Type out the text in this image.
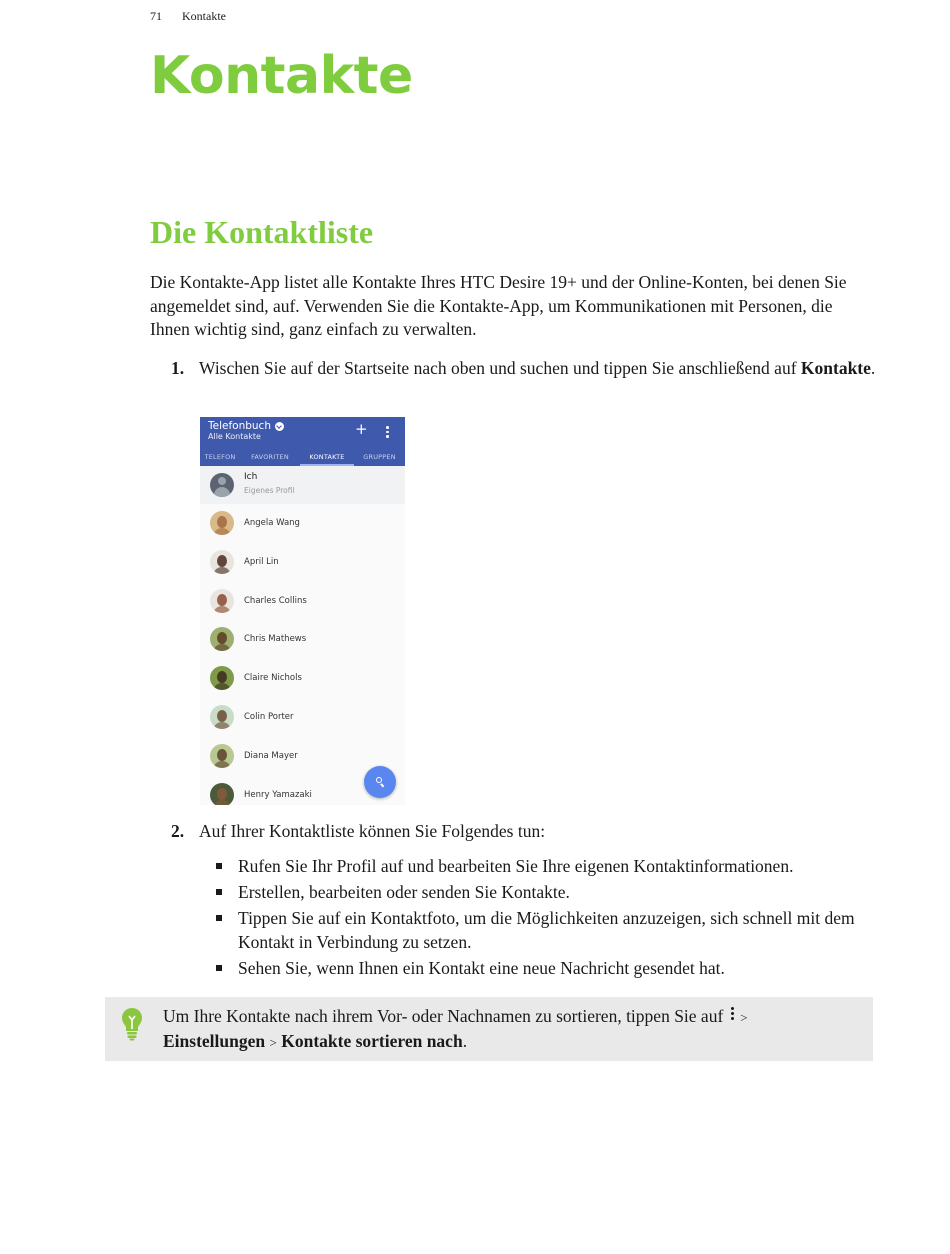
71 Kontakte
Kontakte
Die Kontaktliste

Die Kontakte-App listet alle Kontakte Ihres HTC Desire 19+ und der Online-Konten, bei denen Sie angemeldet sind, auf. Verwenden Sie die Kontakte-App, um Kommunikationen mit Personen, die Ihnen wichtig sind, ganz einfach zu verwalten.

1. Wischen Sie auf der Startseite nach oben und suchen und tippen Sie anschließend auf Kontakte.
Telefonbuch
Alle Kontakte	+
TELEFON	FAVORITEN	KONTAKTE	GRUPPEN
Ich
Eigenes Profil
Angela Wang
April Lin
Charles Collins
Chris Mathews
Claire Nichols
Colin Porter
Diana Mayer
Henry Yamazaki
2. Auf Ihrer Kontaktliste können Sie Folgendes tun:
Rufen Sie Ihr Profil auf und bearbeiten Sie Ihre eigenen Kontaktinformationen.
Erstellen, bearbeiten oder senden Sie Kontakte.
Tippen Sie auf ein Kontaktfoto, um die Möglichkeiten anzuzeigen, sich schnell mit dem Kontakt in Verbindung zu setzen.
Sehen Sie, wenn Ihnen ein Kontakt eine neue Nachricht gesendet hat.
Um Ihre Kontakte nach ihrem Vor- oder Nachnamen zu sortieren, tippen Sie auf >
Einstellungen > Kontakte sortieren nach.
